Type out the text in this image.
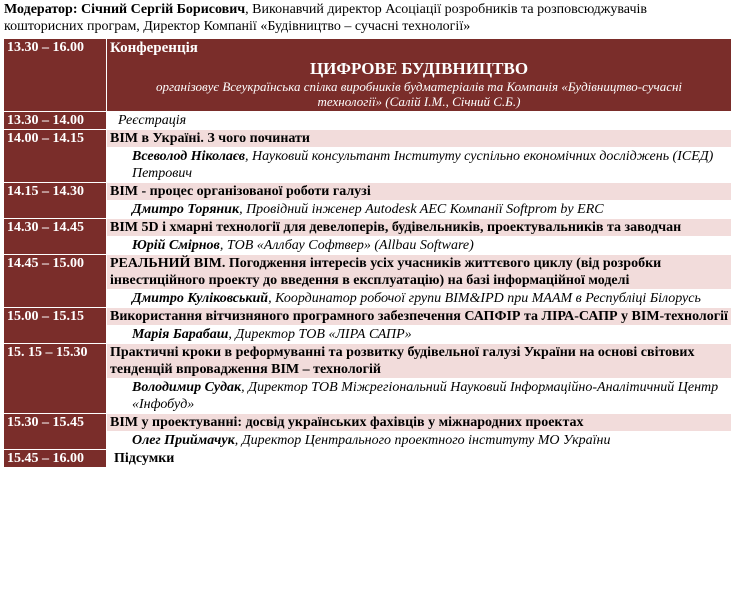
Модератор: Січний Сергій Борисович, Виконавчий директор Асоціації розробників та розповсюджувачів кошторисних програм, Директор Компанії «Будівництво – сучасні технології»
13.30 – 16.00	Конференція
ЦИФРОВЕ БУДІВНИЦТВО
організовує Всеукраїнська спілка виробників будматеріалів та Компанія «Будівництво-сучасні технології» (Салій І.М., Січний С.Б.)

13.30 – 14.00	Реєстрація
14.00 – 14.15	BIM в Україні. З чого починати

	Всеволод Ніколаєв, Науковий консультант Інституту суспільно економічних досліджень (ІСЕД) Петрович

14.15 – 14.30	BIM - процес організованої роботи галузі

	Дмитро Торяник, Провідний інженер Autodesk AEC Компанії Softprom by ERC

14.30 – 14.45	BIM 5D і хмарні технології для девелоперів, будівельників, проектувальників та заводчан

	Юрій Смірнов, ТОВ «Аллбау Софтвер» (Allbau Software)

14.45 – 15.00	РЕАЛЬНИЙ BIM. Погодження інтересів усіх учасників життєвого циклу (від розробки інвестиційного проекту до введення в експлуатацію) на базі інформаційної моделі

	Дмитро Куліковський, Координатор робочої групи BIM&IPD при МААМ в Республіці Білорусь

15.00 – 15.15	Використання вітчизняного програмного забезпечення САПФІР та ЛІРА-САПР у BIM-технології

	Марія Барабаш, Директор ТОВ «ЛІРА САПР»

15. 15 – 15.30	Практичні кроки в реформуванні та розвитку будівельної галузі України на основі світових тенденцій впровадження BIM – технологій

	Володимир Судак, Директор ТОВ Міжрегіональний Науковий Інформаційно-Аналітичний Центр «Інфобуд»

15.30 – 15.45	BIM у проектуванні: досвід українських фахівців у міжнародних проектах

	Олег Приймачук, Директор Центрального проектного інституту МО України

15.45 – 16.00	Підсумки
